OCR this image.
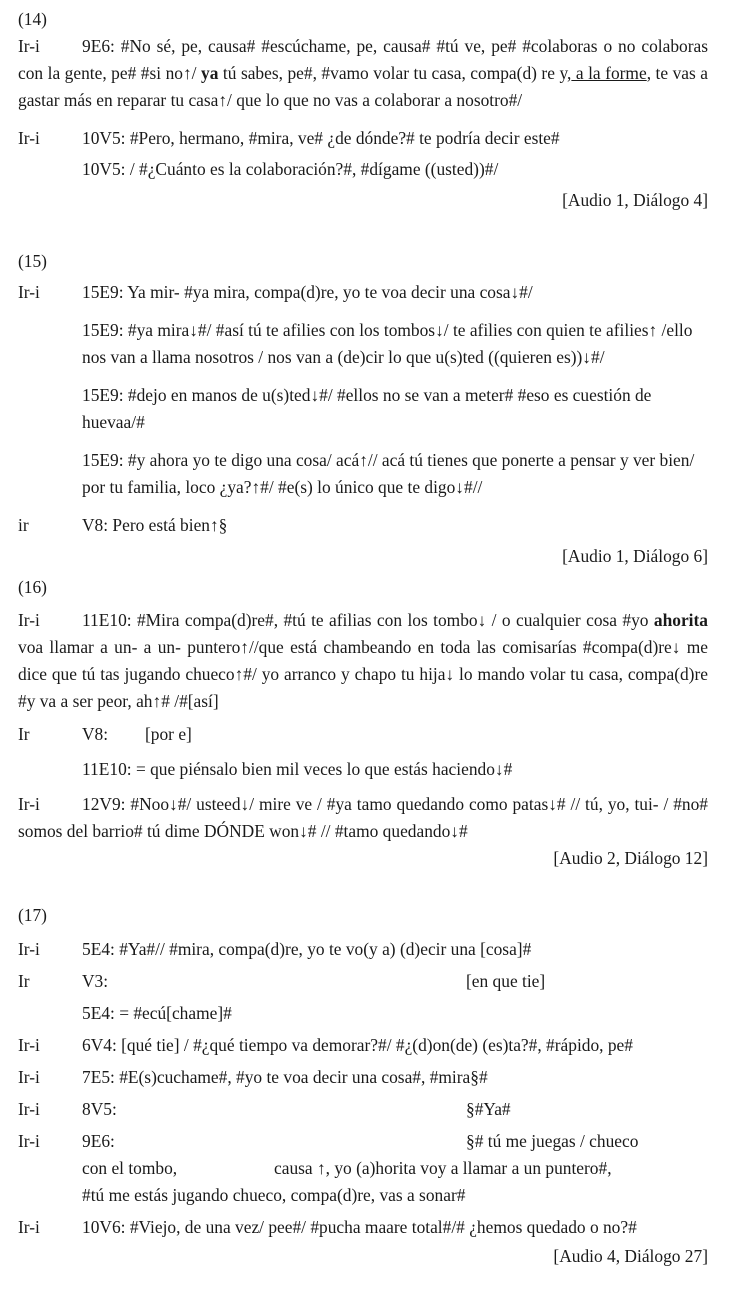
(14)
Ir-i	9E6: #No sé, pe, causa# #escúchame, pe, causa# #tú ve, pe# #colaboras o no colaboras con la gente, pe# #si no↑/ ya tú sabes, pe#, #vamo volar tu casa, compa(d) re y, a la forme, te vas a gastar más en reparar tu casa↑/ que lo que no vas a colaborar a nosotro#/
Ir-i	10V5: #Pero, hermano, #mira, ve# ¿de dónde?# te podría decir este#
10V5: / #¿Cuánto es la colaboración?#, #dígame ((usted))#/
[Audio 1, Diálogo 4]
(15)
Ir-i	15E9: Ya mir- #ya mira, compa(d)re, yo te voa decir una cosa↓#/
15E9: #ya mira↓#/ #así tú te afilies con los tombos↓/ te afilies con quien te afilies↑ /ello nos van a llama nosotros / nos van a (de)cir lo que u(s)ted ((quieren es))↓#/
15E9: #dejo en manos de u(s)ted↓#/ #ellos no se van a meter# #eso es cuestión de huevaa/#
15E9: #y ahora yo te digo una cosa/ acá↑// acá tú tienes que ponerte a pensar y ver bien/ por tu familia, loco ¿ya?↑#/ #e(s) lo único que te digo↓#//
ir	V8: Pero está bien↑§
[Audio 1, Diálogo 6]
(16)
Ir-i	11E10: #Mira compa(d)re#, #tú te afilias con los tombo↓ / o cualquier cosa #yo ahorita voa llamar a un- a un- puntero↑//que está chambeando en toda las comisarías #compa(d)re↓ me dice que tú tas jugando chueco↑#/ yo arranco y chapo tu hija↓ lo mando volar tu casa, compa(d)re #y va a ser peor, ah↑# /#[así]
Ir	V8: [por e]
11E10: = que piénsalo bien mil veces lo que estás haciendo↓#
Ir-i	12V9: #Noo↓#/ usteed↓/ mire ve / #ya tamo quedando como patas↓# // tú, yo, tui- / #no# somos del barrio# tú dime DÓNDE won↓# // #tamo quedando↓#
[Audio 2, Diálogo 12]
(17)
Ir-i	5E4: #Ya#// #mira, compa(d)re, yo te vo(y a) (d)ecir una [cosa]#
Ir	V3:	[en que tie]
5E4: = #ecú[chame]#
Ir-i	6V4: [qué tie] / #¿qué tiempo va demorar?#/ #¿(d)on(de) (es)ta?#, #rápido, pe#
Ir-i	7E5: #E(s)cuchame#, #yo te voa decir una cosa#, #mira§#
Ir-i	8V5:	§#Ya#
Ir-i	9E6:	§# tú me juegas / chueco
con el tombo,	causa ↑, yo (a)horita voy a llamar a un puntero#,
#tú me estás jugando chueco, compa(d)re, vas a sonar#
Ir-i	10V6: #Viejo, de una vez/ pee#/ #pucha maare total#/# ¿hemos quedado o no?#
[Audio 4, Diálogo 27]
